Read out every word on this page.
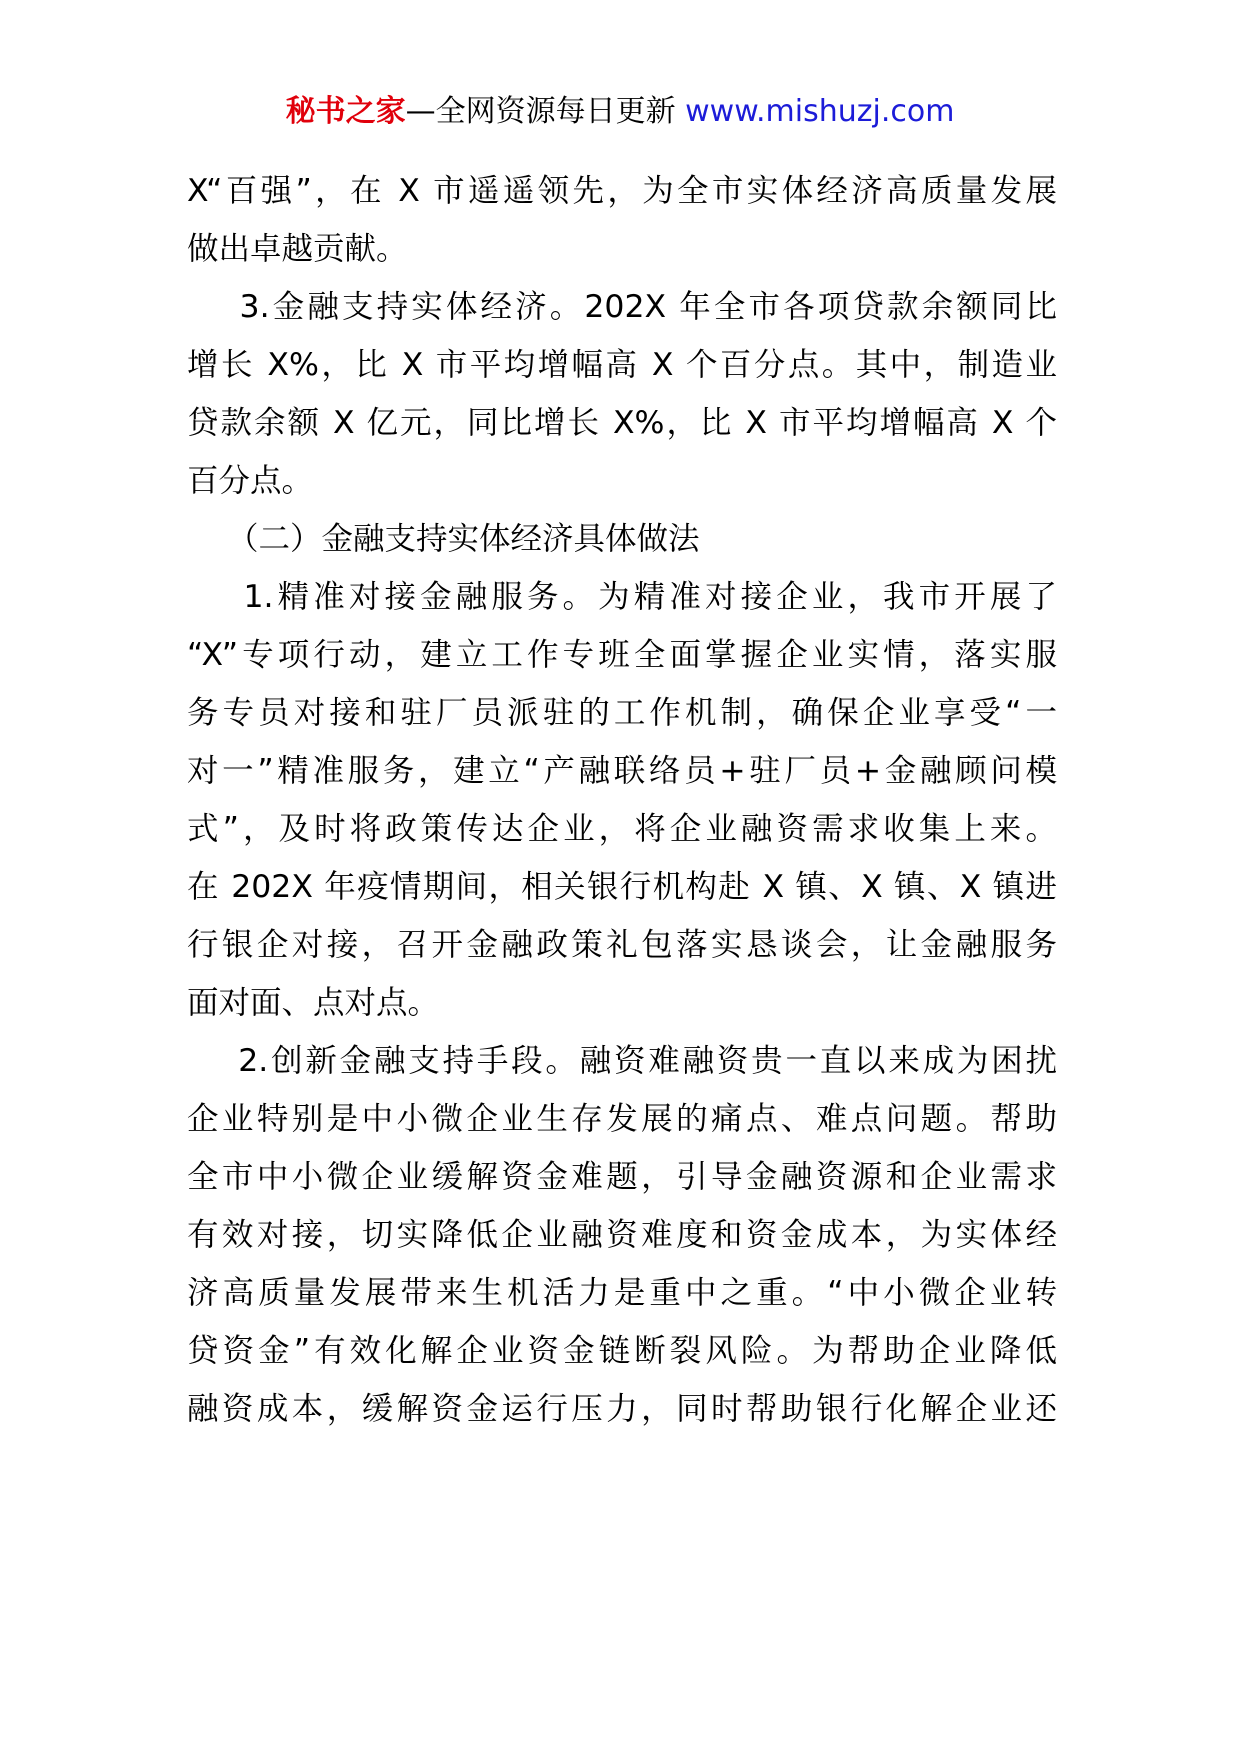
秘书之家—全网资源每日更新 www.mishuzj.com
X“百强”，在 X 市遥遥领先，为全市实体经济高质量发展
做出卓越贡献。
3.金融支持实体经济。202X 年全市各项贷款余额同比
增长 X%，比 X 市平均增幅高 X 个百分点。其中，制造业
贷款余额 X 亿元，同比增长 X%，比 X 市平均增幅高 X 个
百分点。
（二）金融支持实体经济具体做法
1.精准对接金融服务。为精准对接企业，我市开展了
“X”专项行动，建立工作专班全面掌握企业实情，落实服
务专员对接和驻厂员派驻的工作机制，确保企业享受“一
对一”精准服务，建立“产融联络员+驻厂员+金融顾问模
式”，及时将政策传达企业，将企业融资需求收集上来。
在 202X 年疫情期间，相关银行机构赴 X 镇、X 镇、X 镇进
行银企对接，召开金融政策礼包落实恳谈会，让金融服务
面对面、点对点。
2.创新金融支持手段。融资难融资贵一直以来成为困扰
企业特别是中小微企业生存发展的痛点、难点问题。帮助
全市中小微企业缓解资金难题，引导金融资源和企业需求
有效对接，切实降低企业融资难度和资金成本，为实体经
济高质量发展带来生机活力是重中之重。“中小微企业转
贷资金”有效化解企业资金链断裂风险。为帮助企业降低
融资成本，缓解资金运行压力，同时帮助银行化解企业还
